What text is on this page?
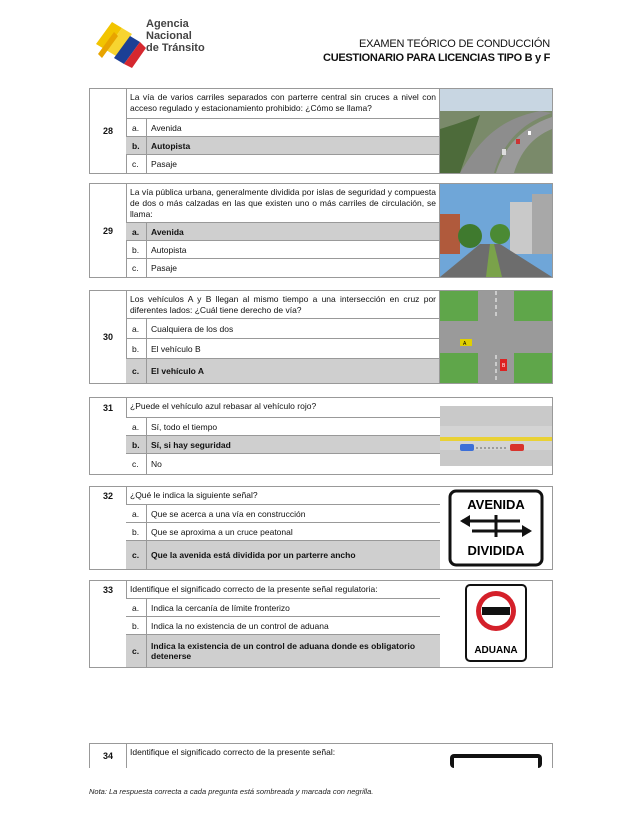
Agencia
Nacional
de Tránsito	EXAMEN TEÓRICO DE CONDUCCIÓN
CUESTIONARIO PARA LICENCIAS TIPO B y F
28
La vía de varios carriles separados con parterre central sin cruces a nivel con acceso regulado y estacionamiento prohibido: ¿Cómo se llama?
a.	Avenida
b.	Autopista
c.	Pasaje
29
La vía pública urbana, generalmente dividida por islas de seguridad y compuesta de dos o más calzadas en las que existen uno o más carriles de circulación, se llama:
a.	Avenida
b.	Autopista
c.	Pasaje
30
Los vehículos A y B llegan al mismo tiempo a una intersección en cruz por diferentes lados: ¿Cuál tiene derecho de vía?
a.	Cualquiera de los dos
b.	El vehículo B
c.	El vehículo A
A
B
31	¿Puede el vehículo azul rebasar al vehículo rojo?
a.	Sí, todo el tiempo
b.	Sí, si hay seguridad
c.	No
32	¿Qué le indica la siguiente señal?
a.	Que se acerca a una vía en construcción
b.	Que se aproxima a un cruce peatonal
c.	Que la avenida está dividida por un parterre ancho
AVENIDA
DIVIDIDA
33	Identifique el significado correcto de la presente señal regulatoria:
a.	Indica la cercanía de límite fronterizo
b.	Indica la no existencia de un control de aduana
c.	Indica la existencia de un control de aduana donde es obligatorio detenerse	ADUANA
34	Identifique el significado correcto de la presente señal:
Nota: La respuesta correcta a cada pregunta está sombreada y marcada con negrilla.
